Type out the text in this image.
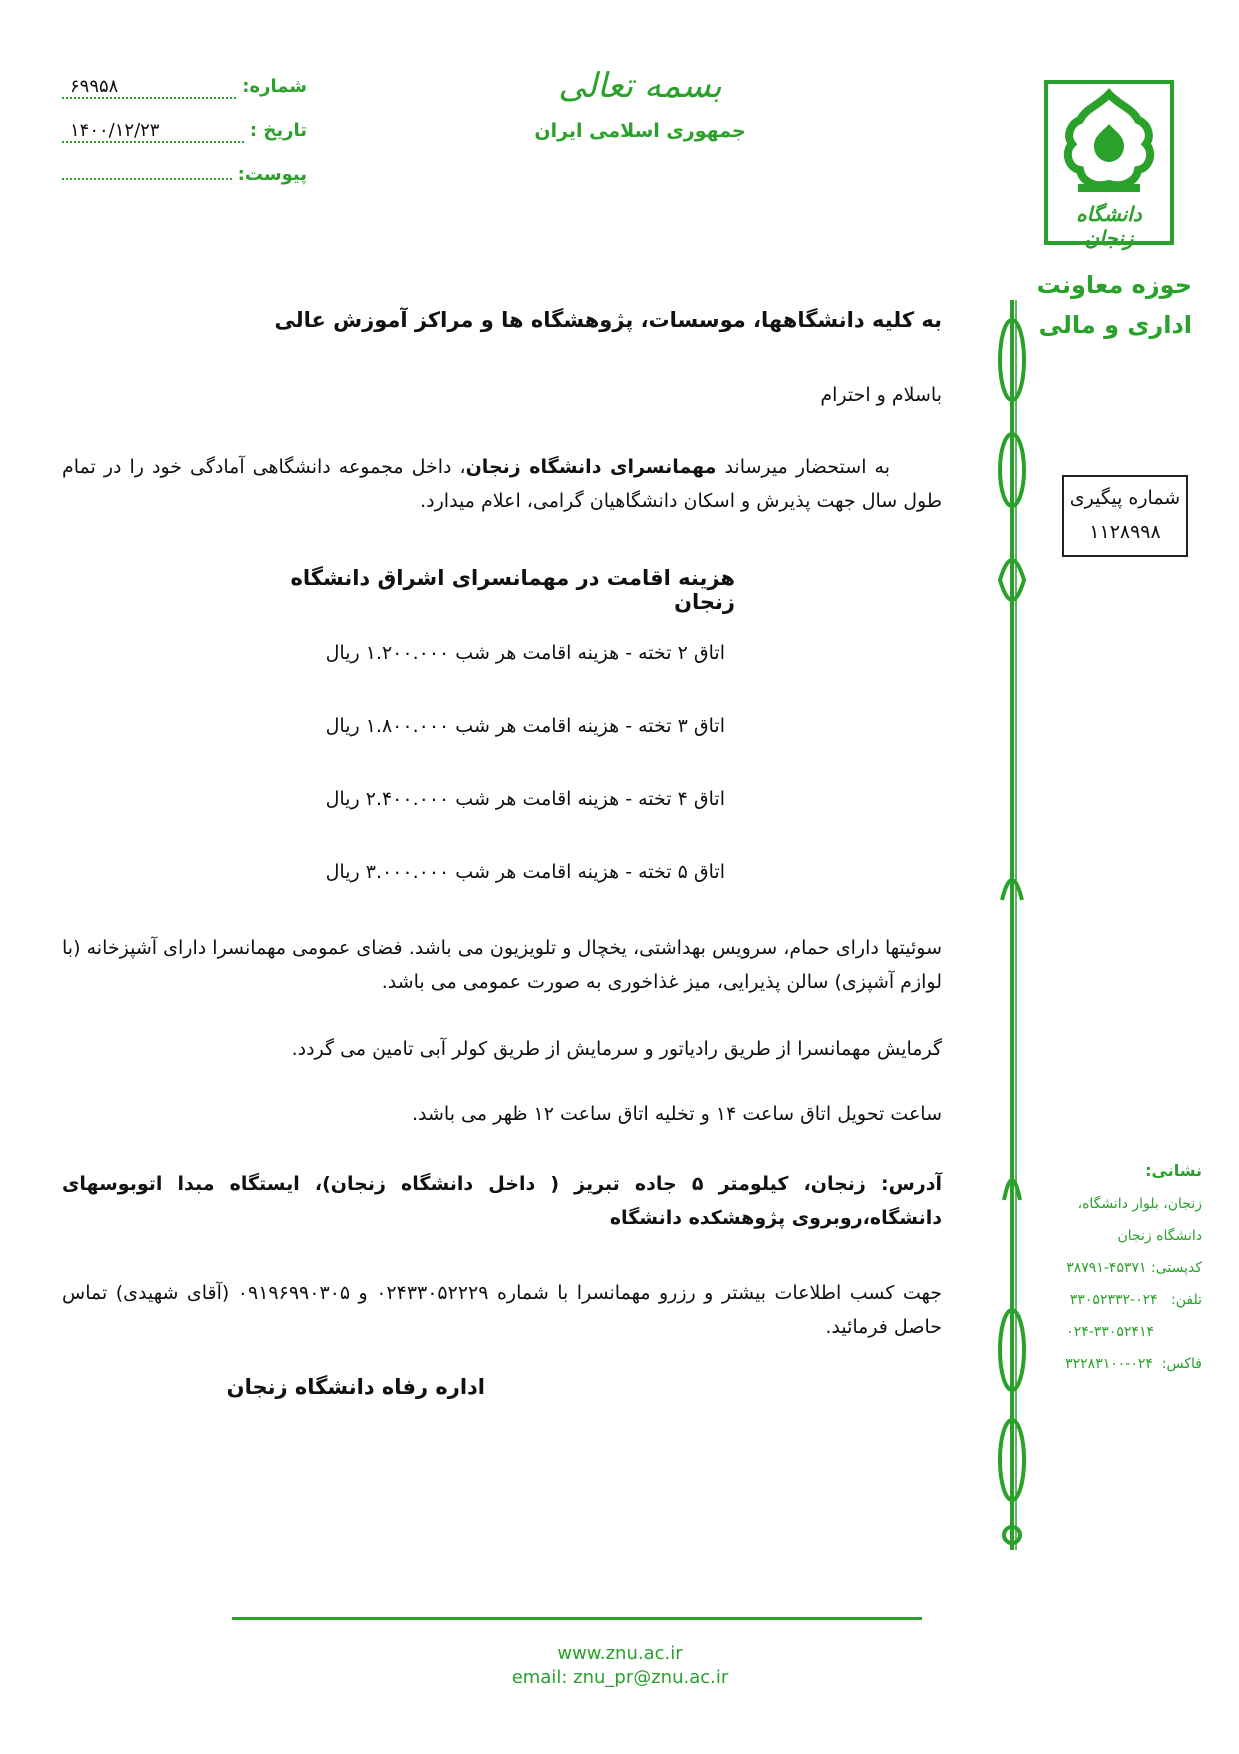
شماره:
۶۹۹۵۸
تاریخ :
۱۴۰۰/۱۲/۲۳
پیوست:
بسمه تعالی
جمهوری اسلامی ایران
دانشگاه زنجان
حوزه معاونت
اداری و مالی
شماره پیگیری
۱۱۲۸۹۹۸
نشانی:
زنجان، بلوار دانشگاه،
دانشگاه زنجان
کدپستی: ۴۵۳۷۱-۳۸۷۹۱
تلفن:   ۰۲۴-۳۳۰۵۲۳۳۲
۰۲۴-۳۳۰۵۲۴۱۴
فاکس:  ۰۲۴-۳۲۲۸۳۱۰۰
به کلیه دانشگاهها، موسسات، پژوهشگاه ها و مراکز آموزش عالی
باسلام و احترام

به استحضار میرساند مهمانسرای دانشگاه زنجان، داخل مجموعه دانشگاهی آمادگی خود را در تمام طول سال جهت پذیرش و اسکان دانشگاهیان گرامی، اعلام میدارد.

هزینه اقامت در مهمانسرای اشراق دانشگاه زنجان
اتاق ۲ تخته - هزینه اقامت هر شب ۱.۲۰۰.۰۰۰ ریال
اتاق ۳ تخته - هزینه اقامت هر شب ۱.۸۰۰.۰۰۰ ریال
اتاق ۴ تخته - هزینه اقامت هر شب ۲.۴۰۰.۰۰۰ ریال
اتاق ۵ تخته - هزینه اقامت هر شب ۳.۰۰۰.۰۰۰ ریال
سوئیتها دارای حمام، سرویس بهداشتی، یخچال و تلویزیون می باشد. فضای عمومی مهمانسرا دارای آشپزخانه (با لوازم آشپزی) سالن پذیرایی، میز غذاخوری به صورت عمومی می باشد.
گرمایش مهمانسرا از طریق رادیاتور و سرمایش از طریق کولر آبی تامین می گردد.
ساعت تحویل اتاق ساعت ۱۴ و تخلیه اتاق ساعت ۱۲ ظهر می باشد.
آدرس: زنجان، کیلومتر ۵ جاده تبریز ( داخل دانشگاه زنجان)، ایستگاه مبدا اتوبوسهای دانشگاه،روبروی پژوهشکده دانشگاه
جهت کسب اطلاعات بیشتر و رزرو مهمانسرا با شماره ۰۲۴۳۳۰۵۲۲۲۹ و ۰۹۱۹۶۹۹۰۳۰۵ (آقای شهیدی) تماس حاصل فرمائید.
اداره رفاه دانشگاه زنجان
www.znu.ac.ir
email: znu_pr@znu.ac.ir
